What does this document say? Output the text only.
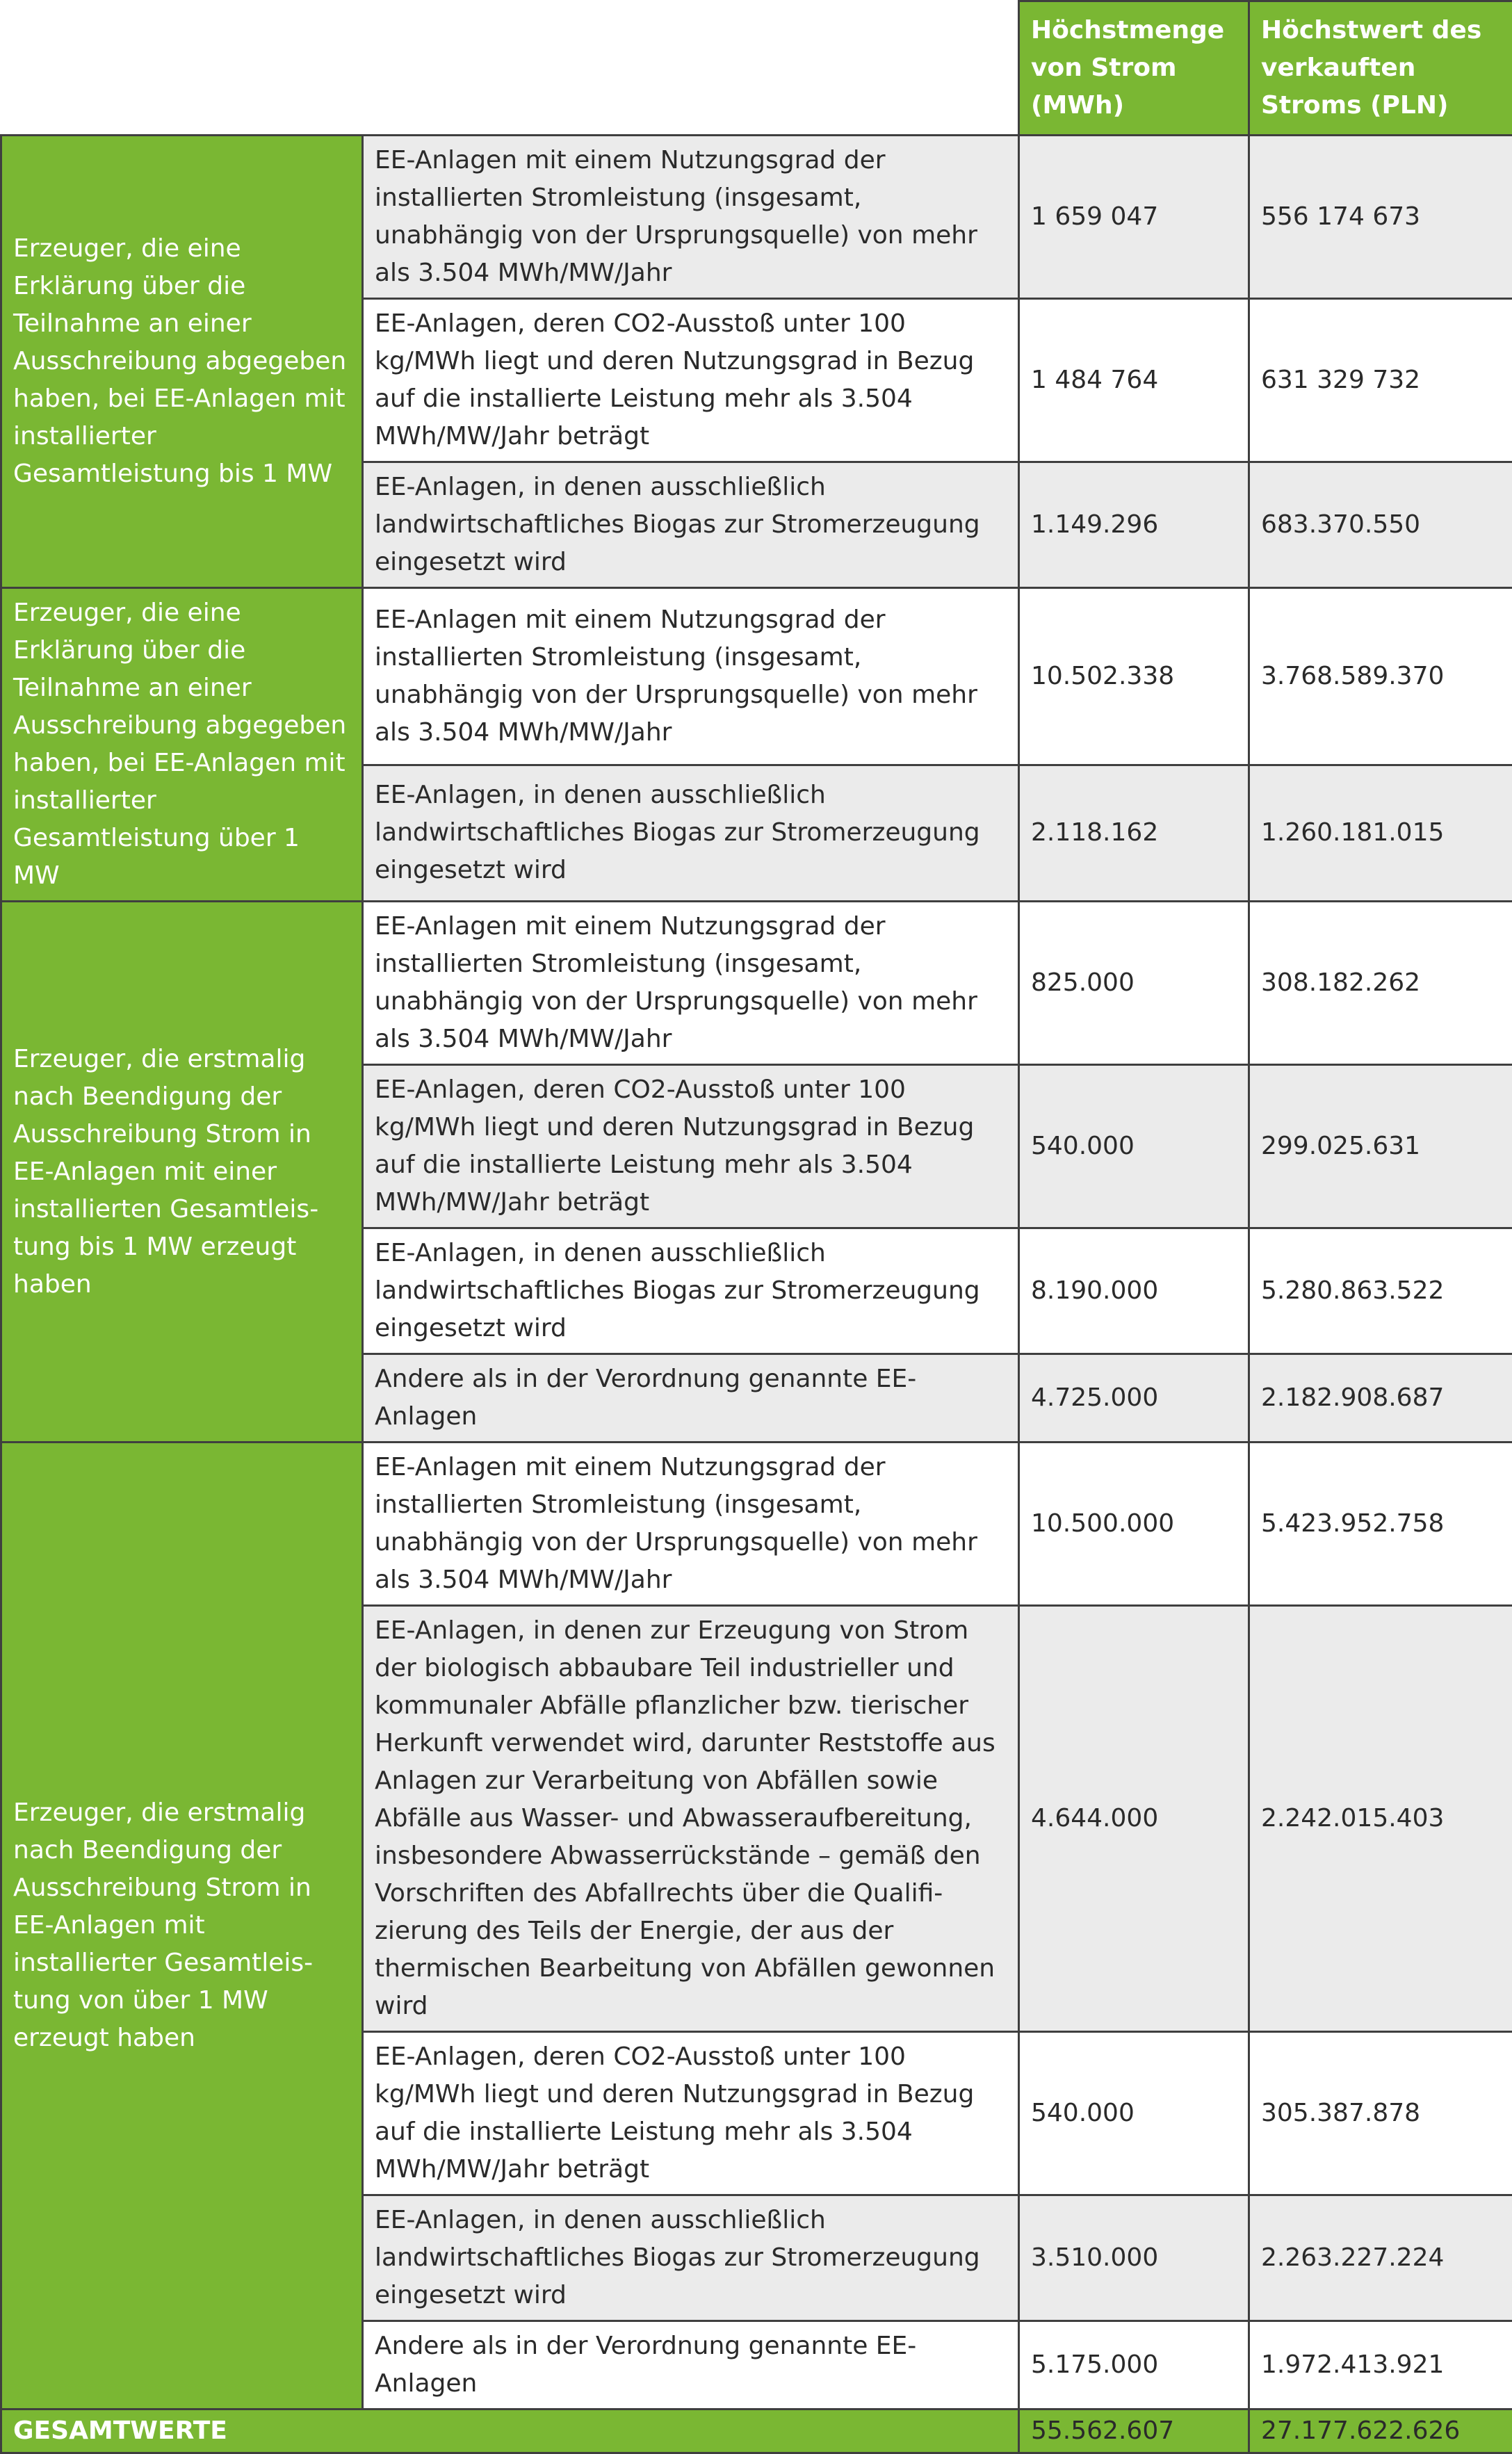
		Höchstmenge von Strom (MWh)	Höchstwert des verkauften Stroms (PLN)
Erzeuger, die eine Erklärung über die Teilnahme an einer Ausschreibung abgegeben haben, bei EE-Anlagen mit installierter Gesamtleistung bis 1 MW	EE-Anlagen mit einem Nutzungsgrad der installierten Stromleistung (insgesamt, unabhängig von der Ursprungsquelle) von mehr als 3.504 MWh/MW/Jahr	1 659 047	556 174 673
	EE-Anlagen, deren CO2-Ausstoß unter 100 kg/MWh liegt und deren Nutzungsgrad in Bezug auf die installierte Leistung mehr als 3.504 MWh/MW/Jahr beträgt	1 484 764	631 329 732
	EE-Anlagen, in denen ausschließlich landwirtschaftliches Biogas zur Stromerzeugung eingesetzt wird	1.149.296	683.370.550
Erzeuger, die eine Erklärung über die Teilnahme an einer Ausschreibung abgegeben haben, bei EE-Anlagen mit installierter Gesamtleistung über 1 MW	EE-Anlagen mit einem Nutzungsgrad der installierten Stromleistung (insgesamt, unabhängig von der Ursprungsquelle) von mehr als 3.504 MWh/MW/Jahr	10.502.338	3.768.589.370
	EE-Anlagen, in denen ausschließlich landwirtschaftliches Biogas zur Stromerzeugung eingesetzt wird	2.118.162	1.260.181.015
Erzeuger, die erstmalig nach Beendigung der Ausschreibung Strom in EE-Anlagen mit einer installierten Gesamtleistung bis 1 MW erzeugt haben	EE-Anlagen mit einem Nutzungsgrad der installierten Stromleistung (insgesamt, unabhängig von der Ursprungsquelle) von mehr als 3.504 MWh/MW/Jahr	825.000	308.182.262
	EE-Anlagen, deren CO2-Ausstoß unter 100 kg/MWh liegt und deren Nutzungsgrad in Bezug auf die installierte Leistung mehr als 3.504 MWh/MW/Jahr beträgt	540.000	299.025.631
	EE-Anlagen, in denen ausschließlich landwirtschaftliches Biogas zur Stromerzeugung eingesetzt wird	8.190.000	5.280.863.522
	Andere als in der Verordnung genannte EE-Anlagen	4.725.000	2.182.908.687
Erzeuger, die erstmalig nach Beendigung der Ausschreibung Strom in EE-Anlagen mit installierter Gesamtleistung von über 1 MW erzeugt haben	EE-Anlagen mit einem Nutzungsgrad der installierten Stromleistung (insgesamt, unabhängig von der Ursprungsquelle) von mehr als 3.504 MWh/MW/Jahr	10.500.000	5.423.952.758
	EE-Anlagen, in denen zur Erzeugung von Strom der biologisch abbaubare Teil industrieller und kommunaler Abfälle pflanzlicher bzw. tierischer Herkunft verwendet wird, darunter Reststoffe aus Anlagen zur Verarbeitung von Abfällen sowie Abfälle aus Wasser- und Abwasseraufbereitung, insbesondere Abwasserrückstände – gemäß den Vorschriften des Abfallrechts über die Qualifizierung des Teils der Energie, der aus der thermischen Bearbeitung von Abfällen gewonnen wird	4.644.000	2.242.015.403
	EE-Anlagen, deren CO2-Ausstoß unter 100 kg/MWh liegt und deren Nutzungsgrad in Bezug auf die installierte Leistung mehr als 3.504 MWh/MW/Jahr beträgt	540.000	305.387.878
	EE-Anlagen, in denen ausschließlich landwirtschaftliches Biogas zur Stromerzeugung eingesetzt wird	3.510.000	2.263.227.224
	Andere als in der Verordnung genannte EE-Anlagen	5.175.000	1.972.413.921
GESAMTWERTE		55.562.607	27.177.622.626
